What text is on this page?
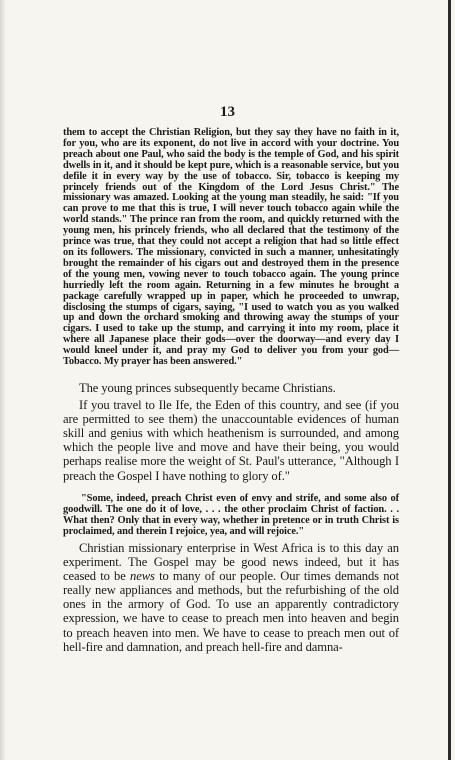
13

them to accept the Christian Religion, but they say they have no faith in it, for you, who are its exponent, do not live in accord with your doctrine. You preach about one Paul, who said the body is the temple of God, and his spirit dwells in it, and it should be kept pure, which is a reasonable service, but you defile it in every way by the use of tobacco. Sir, tobacco is keeping my princely friends out of the Kingdom of the Lord Jesus Christ." The missionary was amazed. Looking at the young man steadily, he said: "If you can prove to me that this is true, I will never touch tobacco again while the world stands." The prince ran from the room, and quickly returned with the young men, his princely friends, who all declared that the testimony of the prince was true, that they could not accept a religion that had so little effect on its followers. The missionary, convicted in such a manner, unhesitatingly brought the remainder of his cigars out and destroyed them in the presence of the young men, vowing never to touch tobacco again. The young prince hurriedly left the room again. Returning in a few minutes he brought a package carefully wrapped up in paper, which he proceeded to unwrap, disclosing the stumps of cigars, saying, "I used to watch you as you walked up and down the orchard smoking and throwing away the stumps of your cigars. I used to take up the stump, and carrying it into my room, place it where all Japanese place their gods—over the doorway—and every day I would kneel under it, and pray my God to deliver you from your god—Tobacco. My prayer has been answered."

The young princes subsequently became Christians.

If you travel to Ile Ife, the Eden of this country, and see (if you are permitted to see them) the unaccountable evidences of human skill and genius with which heathenism is surrounded, and among which the people live and move and have their being, you would perhaps realise more the weight of St. Paul's utterance, "Although I preach the Gospel I have nothing to glory of."

"Some, indeed, preach Christ even of envy and strife, and some also of goodwill. The one do it of love, . . . the other proclaim Christ of faction. . . What then? Only that in every way, whether in pretence or in truth Christ is proclaimed, and therein I rejoice, yea, and will rejoice."

Christian missionary enterprise in West Africa is to this day an experiment. The Gospel may be good news indeed, but it has ceased to be news to many of our people. Our times demands not really new appliances and methods, but the refurbishing of the old ones in the armory of God. To use an apparently contradictory expression, we have to cease to preach men into heaven and begin to preach heaven into men. We have to cease to preach men out of hell-fire and damnation, and preach hell-fire and damna-
